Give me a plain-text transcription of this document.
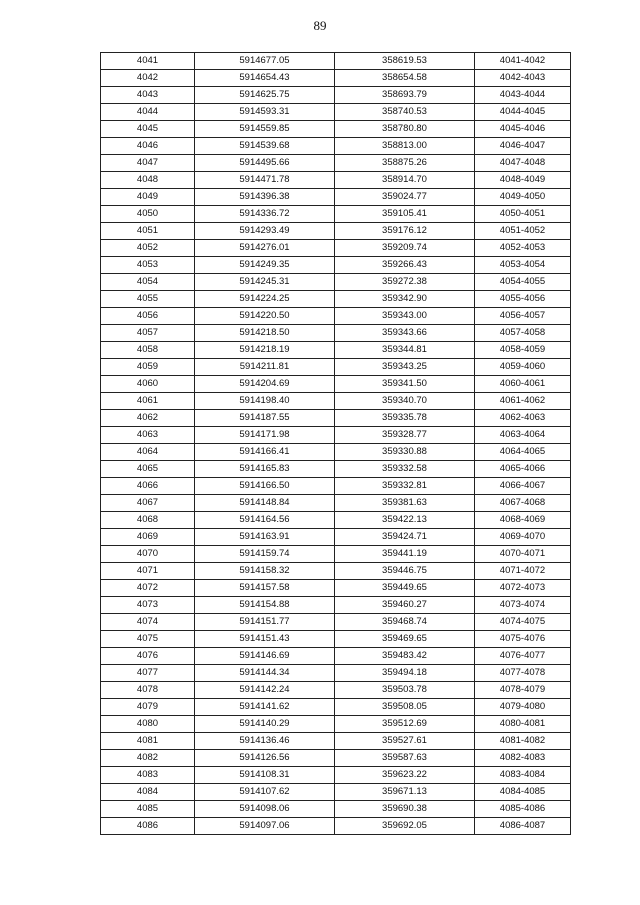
89
4041	5914677.05	358619.53	4041-4042
4042	5914654.43	358654.58	4042-4043
4043	5914625.75	358693.79	4043-4044
4044	5914593.31	358740.53	4044-4045
4045	5914559.85	358780.80	4045-4046
4046	5914539.68	358813.00	4046-4047
4047	5914495.66	358875.26	4047-4048
4048	5914471.78	358914.70	4048-4049
4049	5914396.38	359024.77	4049-4050
4050	5914336.72	359105.41	4050-4051
4051	5914293.49	359176.12	4051-4052
4052	5914276.01	359209.74	4052-4053
4053	5914249.35	359266.43	4053-4054
4054	5914245.31	359272.38	4054-4055
4055	5914224.25	359342.90	4055-4056
4056	5914220.50	359343.00	4056-4057
4057	5914218.50	359343.66	4057-4058
4058	5914218.19	359344.81	4058-4059
4059	5914211.81	359343.25	4059-4060
4060	5914204.69	359341.50	4060-4061
4061	5914198.40	359340.70	4061-4062
4062	5914187.55	359335.78	4062-4063
4063	5914171.98	359328.77	4063-4064
4064	5914166.41	359330.88	4064-4065
4065	5914165.83	359332.58	4065-4066
4066	5914166.50	359332.81	4066-4067
4067	5914148.84	359381.63	4067-4068
4068	5914164.56	359422.13	4068-4069
4069	5914163.91	359424.71	4069-4070
4070	5914159.74	359441.19	4070-4071
4071	5914158.32	359446.75	4071-4072
4072	5914157.58	359449.65	4072-4073
4073	5914154.88	359460.27	4073-4074
4074	5914151.77	359468.74	4074-4075
4075	5914151.43	359469.65	4075-4076
4076	5914146.69	359483.42	4076-4077
4077	5914144.34	359494.18	4077-4078
4078	5914142.24	359503.78	4078-4079
4079	5914141.62	359508.05	4079-4080
4080	5914140.29	359512.69	4080-4081
4081	5914136.46	359527.61	4081-4082
4082	5914126.56	359587.63	4082-4083
4083	5914108.31	359623.22	4083-4084
4084	5914107.62	359671.13	4084-4085
4085	5914098.06	359690.38	4085-4086
4086	5914097.06	359692.05	4086-4087
